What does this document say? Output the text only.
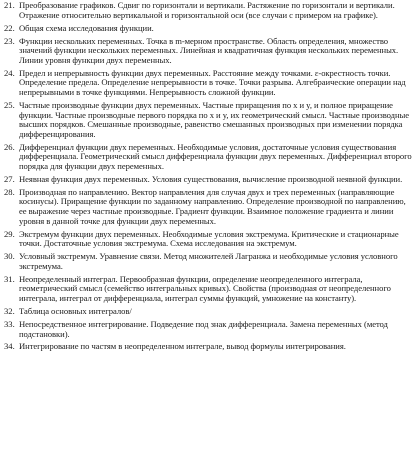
21. Преобразование графиков. Сдвиг по горизонтали и вертикали. Растяжение по горизонтали и вертикали. Отражение относительно вертикальной и горизонтальной оси (все случаи с примером на графике).
22. Общая схема исследования функции.
23. Функции нескольких переменных. Точка в m-мерном пространстве. Область определения, множество значений функции нескольких переменных. Линейная и квадратичная функция нескольких переменных. Линии уровня функции двух переменных.
24. Предел и непрерывность функции двух переменных. Расстояние между точками. ε-окрестность точки. Определение предела. Определение непрерывности в точке. Точки разрыва. Алгебраические операции над непрерывными в точке функциями. Непрерывность сложной функции.
25. Частные производные функции двух переменных. Частные приращения по x и y, и полное приращение функции. Частные производные первого порядка по x и y, их геометрический смысл. Частные производные высших порядков. Смешанные производные, равенство смешанных производных при изменении порядка дифференцирования.
26. Дифференциал функции двух переменных. Необходимые условия, достаточные условия существования дифференциала. Геометрический смысл дифференциала функции двух переменных. Дифференциал второго порядка для функции двух переменных.
27. Неявная функция двух переменных. Условия существования, вычисление производной неявной функции.
28. Производная по направлению. Вектор направления для случая двух и трех переменных (направляющие косинусы). Приращение функции по заданному направлению. Определение производной по направлению, ее выражение через частные производные. Градиент функции. Взаимное положение градиента и линии уровня в данной точке для функции двух переменных.
29. Экстремум функции двух переменных. Необходимые условия экстремума. Критические и стационарные точки. Достаточные условия экстремума. Схема исследования на экстремум.
30. Условный экстремум. Уравнение связи. Метод множителей Лагранжа и необходимые условия условного экстремума.
31. Неопределенный интеграл. Первообразная функции, определение неопределенного интеграла, геометрический смысл (семейство интегральных кривых). Свойства (производная от неопределенного интеграла, интеграл от дифференциала, интеграл суммы функций, умножение на константу).
32. Таблица основных интегралов/
33. Непосредственное интегрирование. Подведение под знак дифференциала. Замена переменных (метод подстановки).
34. Интегрирование по частям в неопределенном интеграле, вывод формулы интегрирования.
